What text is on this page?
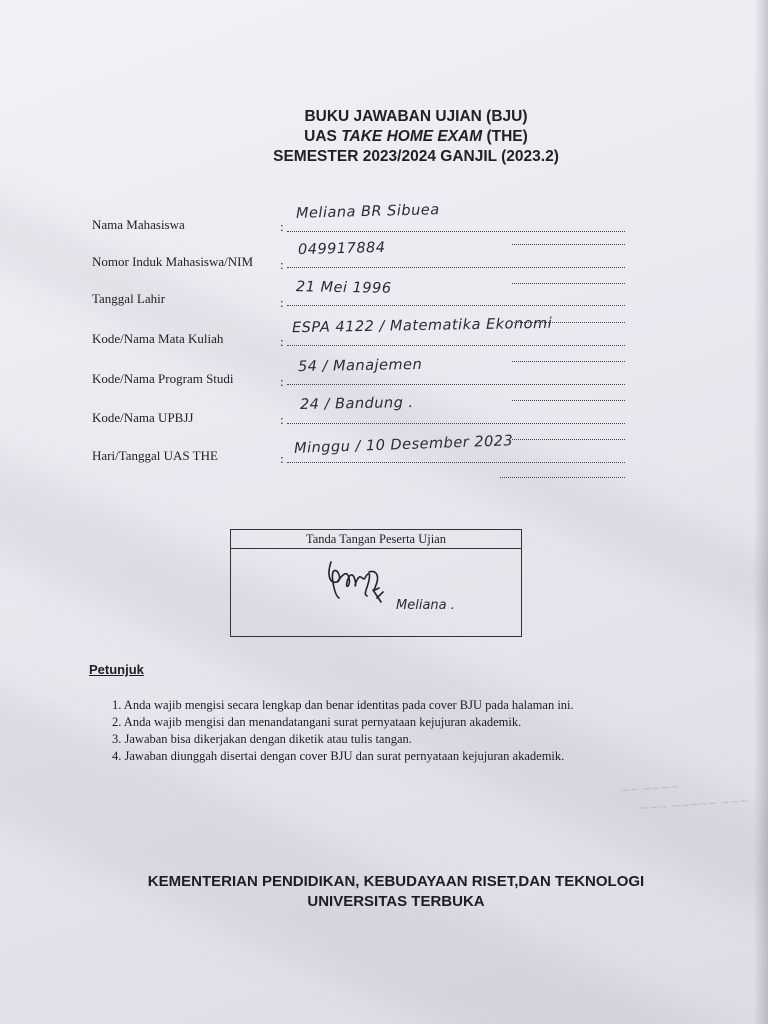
BUKU JAWABAN UJIAN (BJU)
UAS TAKE HOME EXAM (THE)
SEMESTER 2023/2024 GANJIL (2023.2)
Nama Mahasiswa	:
Meliana BR Sibuea
Nomor Induk Mahasiswa/NIM :
049917884
Tanggal Lahir	:
21 Mei 1996
Kode/Nama Mata Kuliah	:
ESPA 4122 / Matematika Ekonomi
Kode/Nama Program Studi	:
54 / Manajemen
Kode/Nama UPBJJ	:
24 / Bandung .
Hari/Tanggal UAS THE	:
Minggu / 10 Desember 2023
Tanda Tangan Peserta Ujian
Meliana .
Petunjuk
1. Anda wajib mengisi secara lengkap dan benar identitas pada cover BJU pada halaman ini.
2. Anda wajib mengisi dan menandatangani surat pernyataan kejujuran akademik.
3. Jawaban bisa dikerjakan dengan diketik atau tulis tangan.
4. Jawaban diunggah disertai dengan cover BJU dan surat pernyataan kejujuran akademik.
~~ ~~~~
~~~ ~~~~~ ~~~
KEMENTERIAN PENDIDIKAN, KEBUDAYAAN RISET,DAN TEKNOLOGI
UNIVERSITAS TERBUKA
